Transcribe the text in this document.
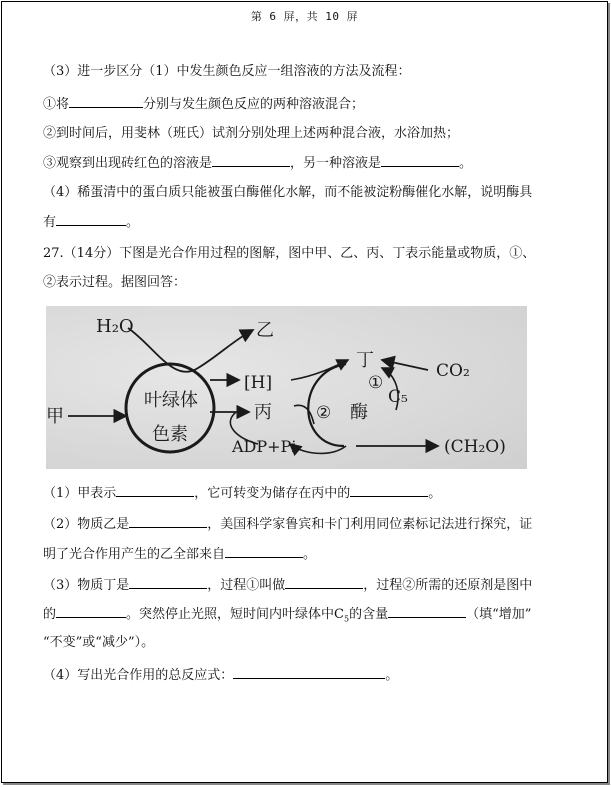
第 6 屏，共 10 屏
（3）进一步区分（1）中发生颜色反应一组溶液的方法及流程：
①将	分别与发生颜色反应的两种溶液混合；
②到时间后，用斐林（班氏）试剂分别处理上述两种混合液，水浴加热；
③观察到出现砖红色的溶液是	，另一种溶液是	。
（4）稀蛋清中的蛋白质只能被蛋白酶催化水解，而不能被淀粉酶催化水解，说明酶具
有	。
27.（14分）下图是光合作用过程的图解，图中甲、乙、丙、丁表示能量或物质，①、
②表示过程。据图回答：
H₂O	乙
[H]
丁	CO₂
①
C₅
甲
叶绿体
色素
丙	② 酶
ADP+Pi	(CH₂O)
（1）甲表示	，它可转变为储存在丙中的	。
（2）物质乙是	，美国科学家鲁宾和卡门利用同位素标记法进行探究，证
明了光合作用产生的乙全部来自	。
（3）物质丁是	，过程①叫做	，过程②所需的还原剂是图中
的	。突然停止光照，短时间内叶绿体中$C_5$的含量	（填“增加”
“不变”或“减少”）。
（4）写出光合作用的总反应式：	。
